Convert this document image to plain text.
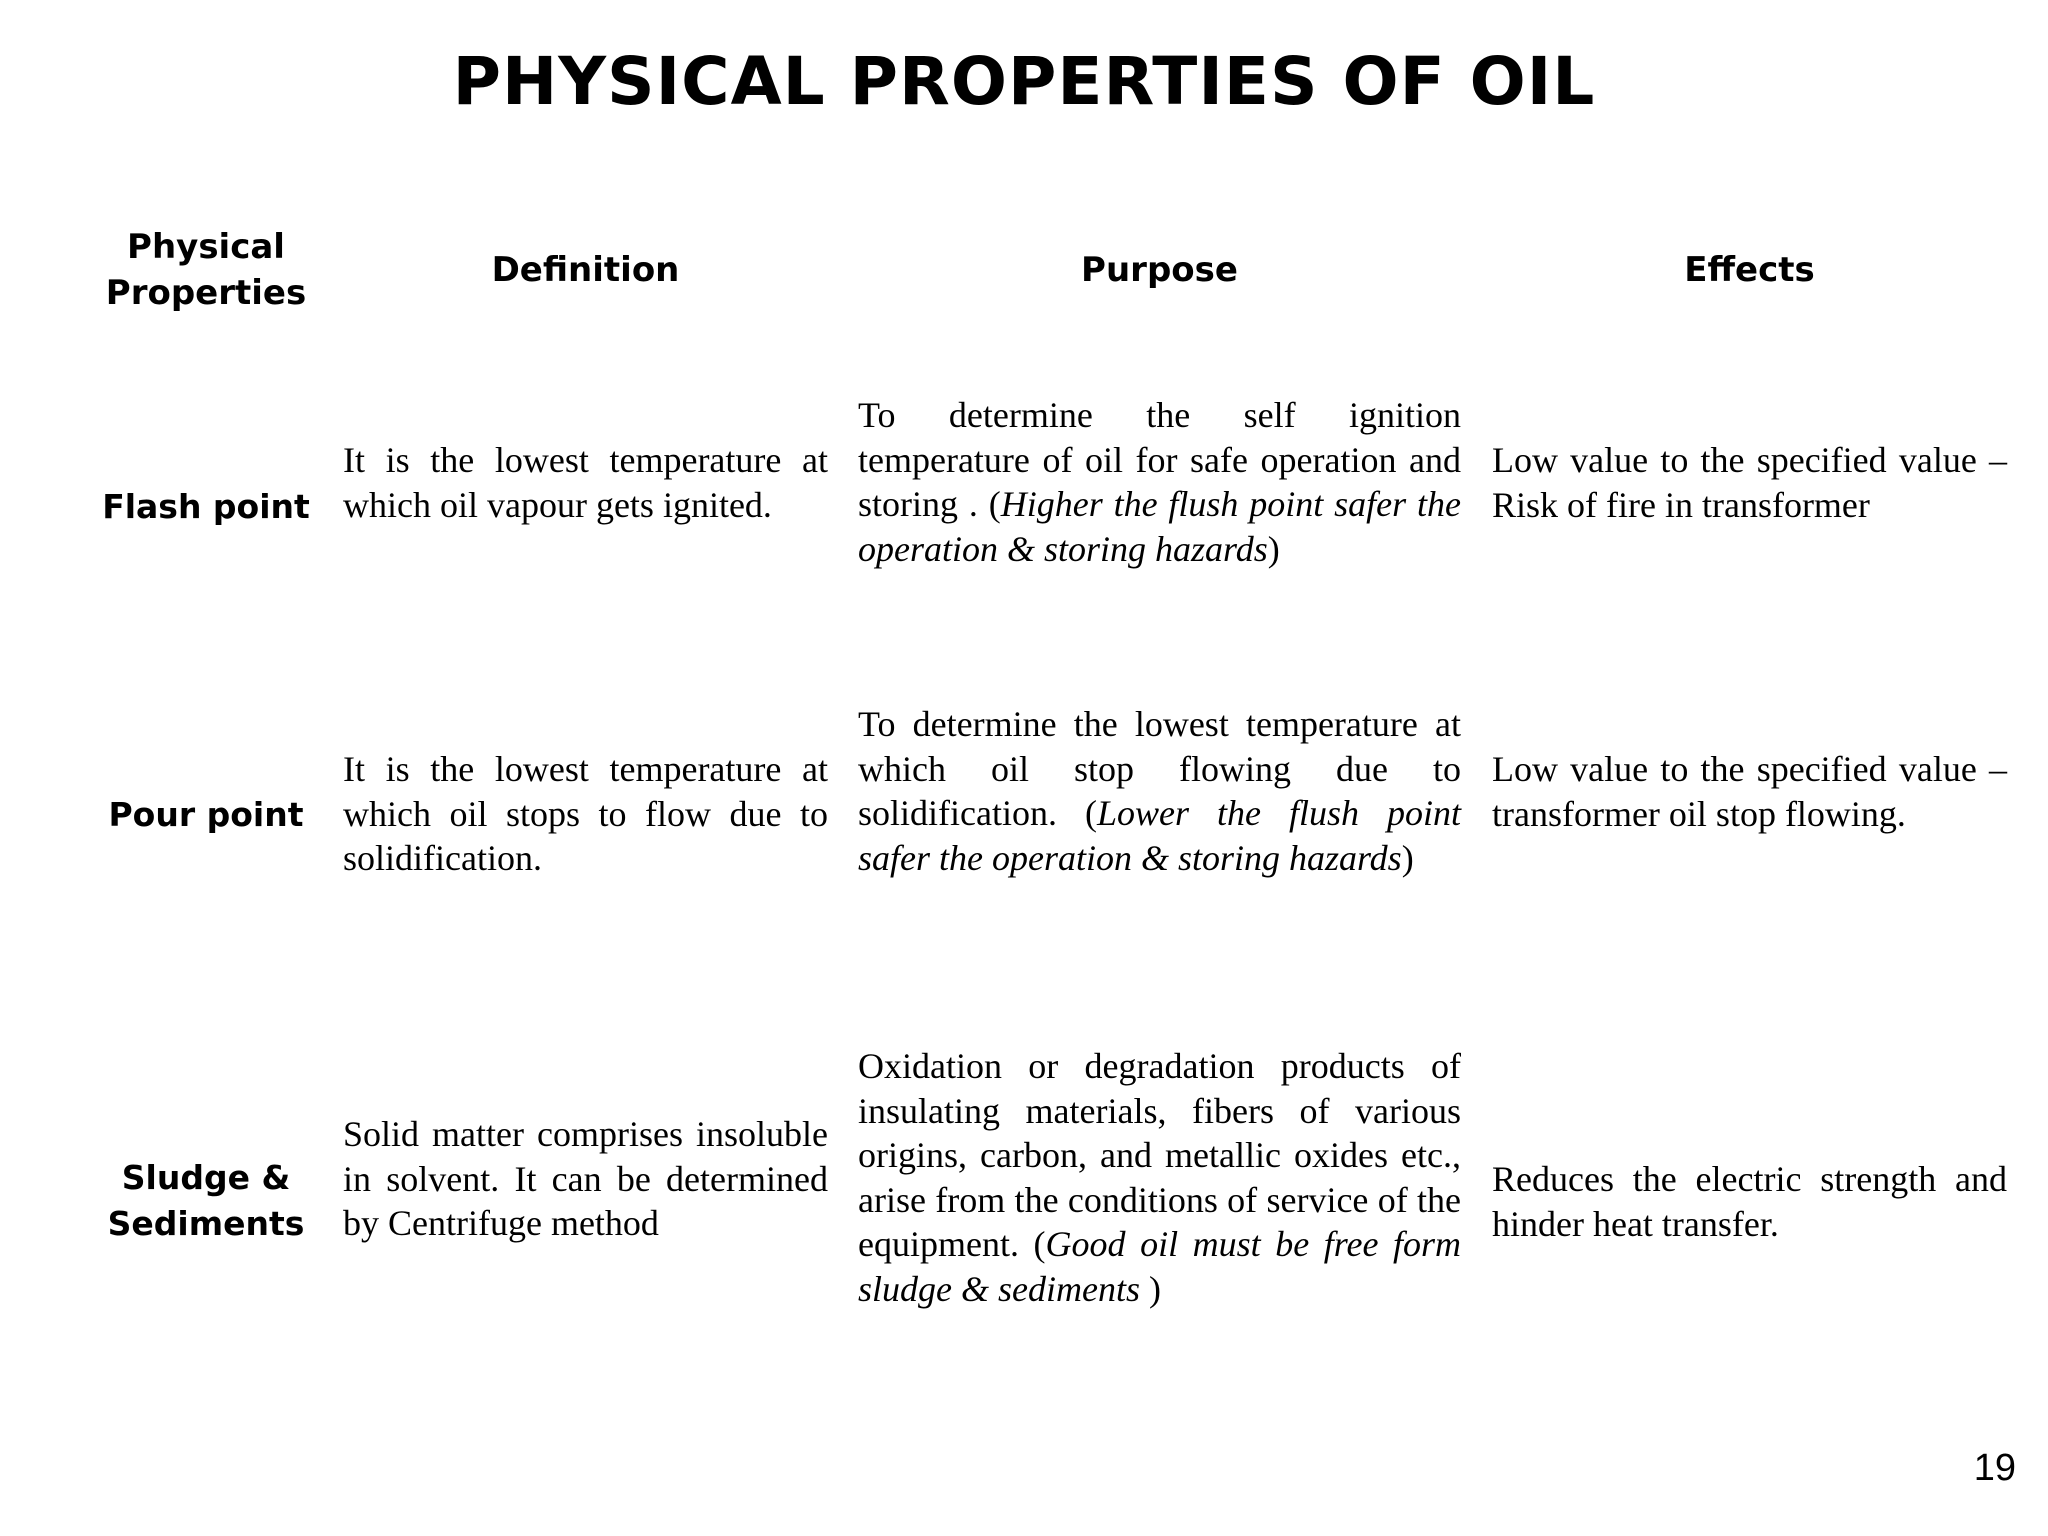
PHYSICAL PROPERTIES OF OIL
Physical Properties
Definition	Purpose	Effects
Flash point
It is the lowest temperature at which oil vapour gets ignited.
To determine the self ignition temperature of oil for safe operation and storing . (Higher the flush point safer the operation & storing hazards)
Low value to the specified value – Risk of fire in transformer
Pour point
It is the lowest temperature at which oil stops to flow due to solidification.
To determine the lowest temperature at which oil stop flowing due to solidification. (Lower the flush point safer the operation & storing hazards)
Low value to the specified value – transformer oil stop flowing.
Sludge & Sediments
Solid matter comprises insoluble in solvent. It can be determined by Centrifuge method
Oxidation or degradation products of insulating materials, fibers of various origins, carbon, and metallic oxides etc., arise from the conditions of service of the equipment. (Good oil must be free form sludge & sediments )
Reduces the electric strength and hinder heat transfer.
19
